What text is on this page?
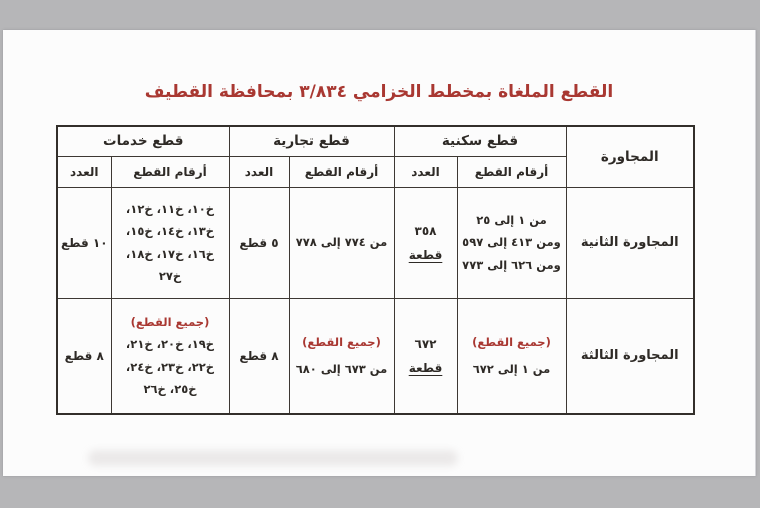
القطع الملغاة بمخطط الخزامي ٣/٨٣٤ بمحافظة القطيف
المجاورة	قطع سكنية		قطع تجارية		قطع خدمات	
	أرقام القطع	العدد	أرقام القطع	العدد	أرقام القطع	العدد
المجاورة الثانية	من ١ إلى ٢٥
ومن ٤١٣ إلى ٥٩٧
ومن ٦٢٦ إلى ٧٧٣	٣٥٨
قطعة	من ٧٧٤ إلى ٧٧٨	٥ قطع	خ١٠، خ١١، خ١٢،
خ١٣، خ١٤، خ١٥،
خ١٦، خ١٧، خ١٨،
خ٢٧	١٠ قطع

المجاورة الثالثة	(جميع القطع)
من ١ إلى ٦٧٢	٦٧٢
قطعة	(جميع القطع)
من ٦٧٣ إلى ٦٨٠	٨ قطع	(جميع القطع)
خ١٩، خ٢٠، خ٢١،
خ٢٢، خ٢٣، خ٢٤،
خ٢٥، خ٢٦	٨ قطع
